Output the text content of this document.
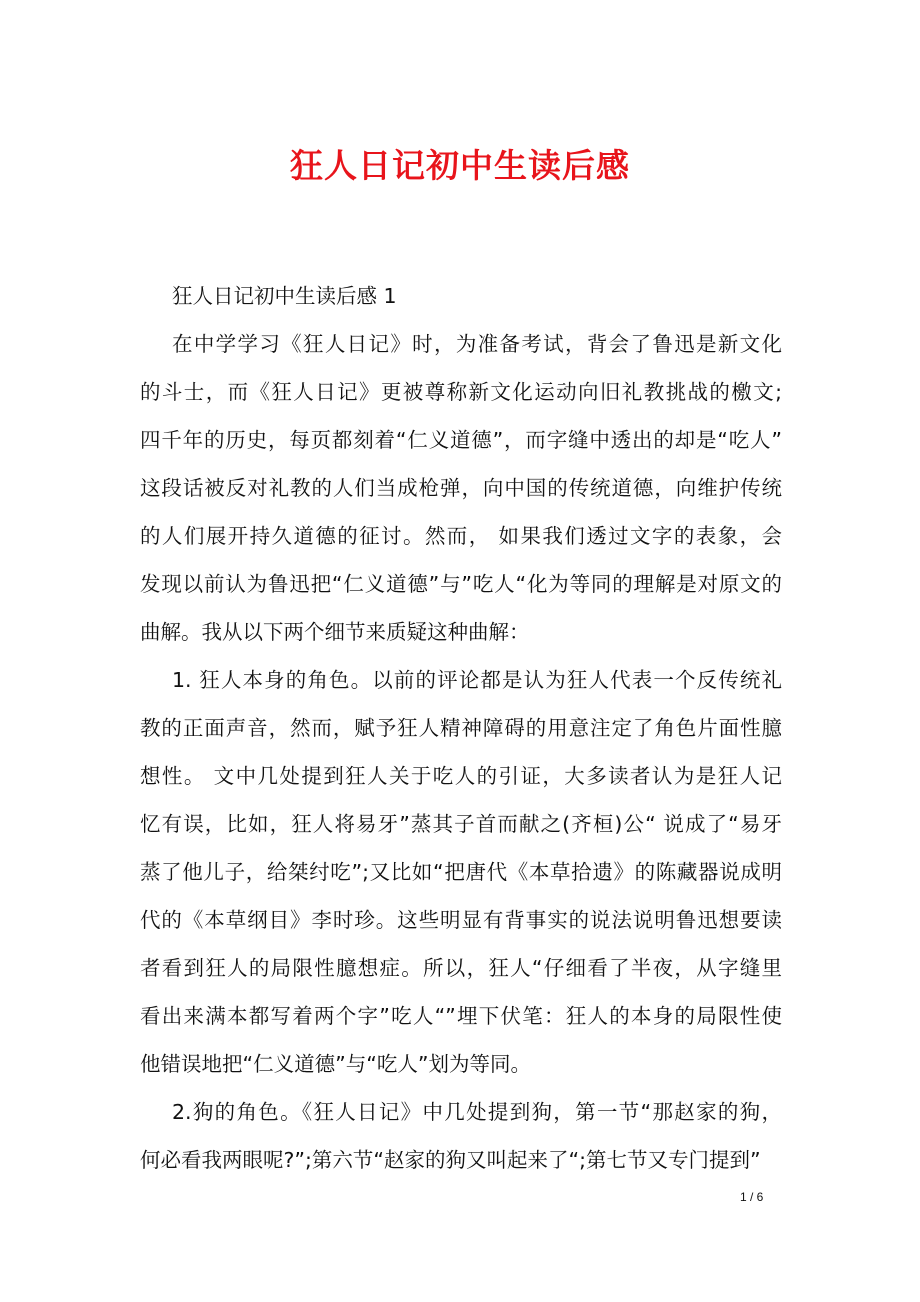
狂人日记初中生读后感
狂人日记初中生读后感 1
在中学学习《狂人日记》时，为准备考试，背会了鲁迅是新文化
的斗士，而《狂人日记》更被尊称新文化运动向旧礼教挑战的檄文;
四千年的历史，每页都刻着“仁义道德”，而字缝中透出的却是“吃人”
这段话被反对礼教的人们当成枪弹，向中国的传统道德，向维护传统
的人们展开持久道德的征讨。然而， 如果我们透过文字的表象，会
发现以前认为鲁迅把“仁义道德”与”吃人“化为等同的理解是对原文的
曲解。我从以下两个细节来质疑这种曲解：
1. 狂人本身的角色。以前的评论都是认为狂人代表一个反传统礼
教的正面声音，然而，赋予狂人精神障碍的用意注定了角色片面性臆
想性。 文中几处提到狂人关于吃人的引证，大多读者认为是狂人记
忆有误，比如，狂人将易牙”蒸其子首而献之(齐桓)公“ 说成了“易牙
蒸了他儿子，给桀纣吃”;又比如“把唐代《本草拾遗》的陈藏器说成明
代的《本草纲目》李时珍。这些明显有背事实的说法说明鲁迅想要读
者看到狂人的局限性臆想症。所以，狂人“仔细看了半夜，从字缝里
看出来满本都写着两个字”吃人“”埋下伏笔：狂人的本身的局限性使
他错误地把“仁义道德”与“吃人”划为等同。
2.狗的角色。《狂人日记》中几处提到狗，第一节“那赵家的狗，
何必看我两眼呢?”;第六节“赵家的狗又叫起来了“;第七节又专门提到”
1 / 6
